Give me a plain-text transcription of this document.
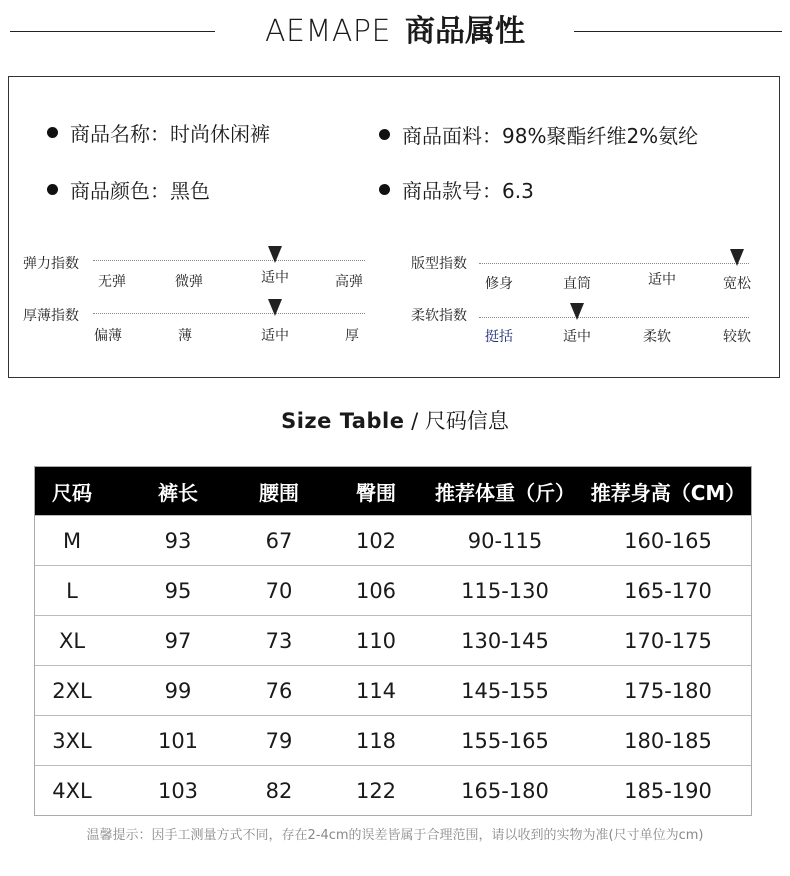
AEMAPE 商品属性
商品名称：时尚休闲裤	商品面料：98%聚酯纤维2%氨纶
商品颜色：黑色	商品款号：6.3
弹力指数
无弹	微弹	适中	高弹
厚薄指数
偏薄	薄	适中	厚
版型指数
修身	直筒	适中	宽松
柔软指数
挺括	适中	柔软	较软
Size Table / 尺码信息
尺码	裤长	腰围	臀围	推荐体重（斤） 推荐身高（CM）
M	93	67	102	90-115	160-165
L	95	70	106	115-130	165-170
XL	97	73	110	130-145	170-175
2XL	99	76	114	145-155	175-180
3XL	101	79	118	155-165	180-185
4XL	103	82	122	165-180	185-190
温馨提示：因手工测量方式不同，存在2-4cm的误差皆属于合理范围，请以收到的实物为准(尺寸单位为cm)
